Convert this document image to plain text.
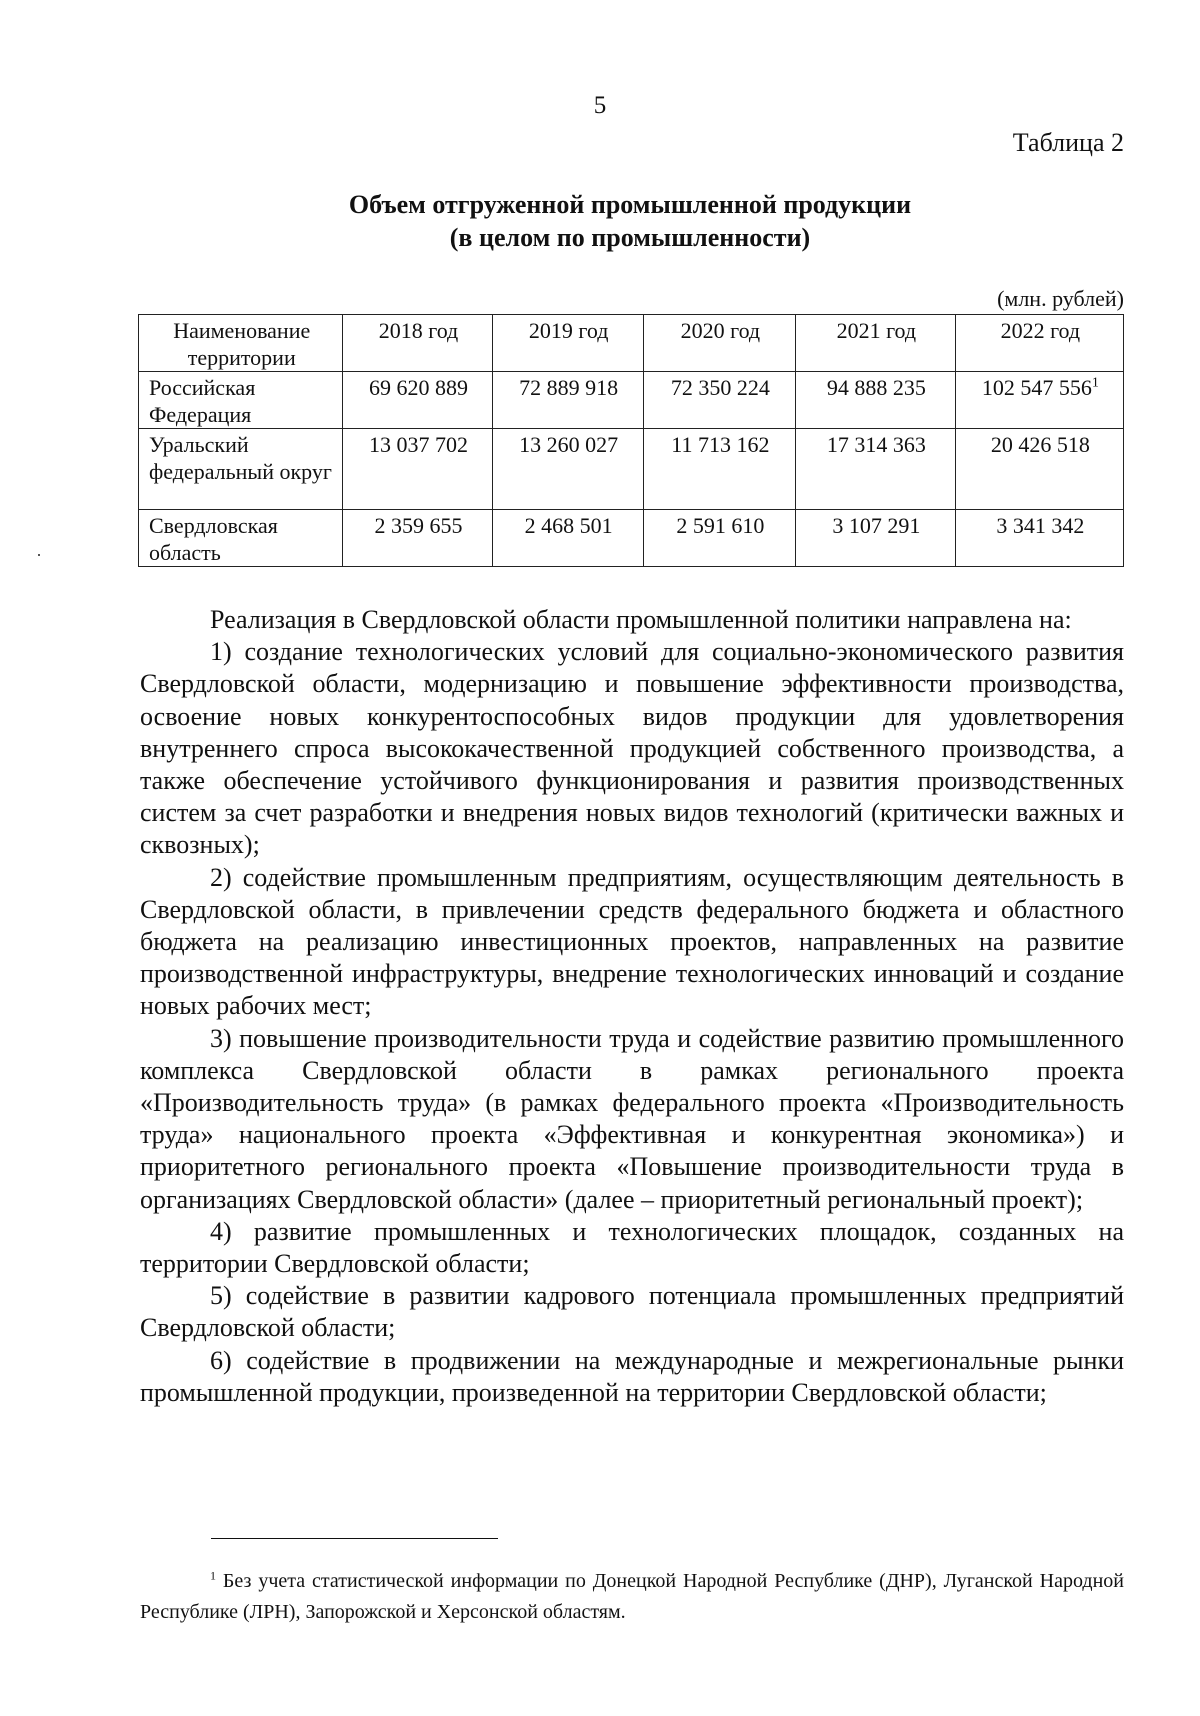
5
Таблица 2
Объем отгруженной промышленной продукции
(в целом по промышленности)
(млн. рублей)
Наименование территории	2018 год	2019 год	2020 год	2021 год	2022 год
Российская Федерация	69 620 889	72 889 918	72 350 224	94 888 235	102 547 $556^1$
Уральский федеральный округ	13 037 702	13 260 027	11 713 162	17 314 363	20 426 518
Свердловская область	2 359 655	2 468 501	2 591 610	3 107 291	3 341 342

Реализация в Свердловской области промышленной политики направлена на:

1) создание технологических условий для социально-экономического развития Свердловской области, модернизацию и повышение эффективности производства, освоение новых конкурентоспособных видов продукции для удовлетворения внутреннего спроса высококачественной продукцией собственного производства, а также обеспечение устойчивого функционирования и развития производственных систем за счет разработки и внедрения новых видов технологий (критически важных и сквозных);

2) содействие промышленным предприятиям, осуществляющим деятельность в Свердловской области, в привлечении средств федерального бюджета и областного бюджета на реализацию инвестиционных проектов, направленных на развитие производственной инфраструктуры, внедрение технологических инноваций и создание новых рабочих мест;

3) повышение производительности труда и содействие развитию промышленного комплекса Свердловской области в рамках регионального проекта «Производительность труда» (в рамках федерального проекта «Производительность труда» национального проекта «Эффективная и конкурентная экономика») и приоритетного регионального проекта «Повышение производительности труда в организациях Свердловской области» (далее – приоритетный региональный проект);

4) развитие промышленных и технологических площадок, созданных на территории Свердловской области;

5) содействие в развитии кадрового потенциала промышленных предприятий Свердловской области;

6) содействие в продвижении на международные и межрегиональные рынки промышленной продукции, произведенной на территории Свердловской области;

$^1$ Без учета статистической информации по Донецкой Народной Республике (ДНР), Луганской Народной Республике (ЛРН), Запорожской и Херсонской областям.
